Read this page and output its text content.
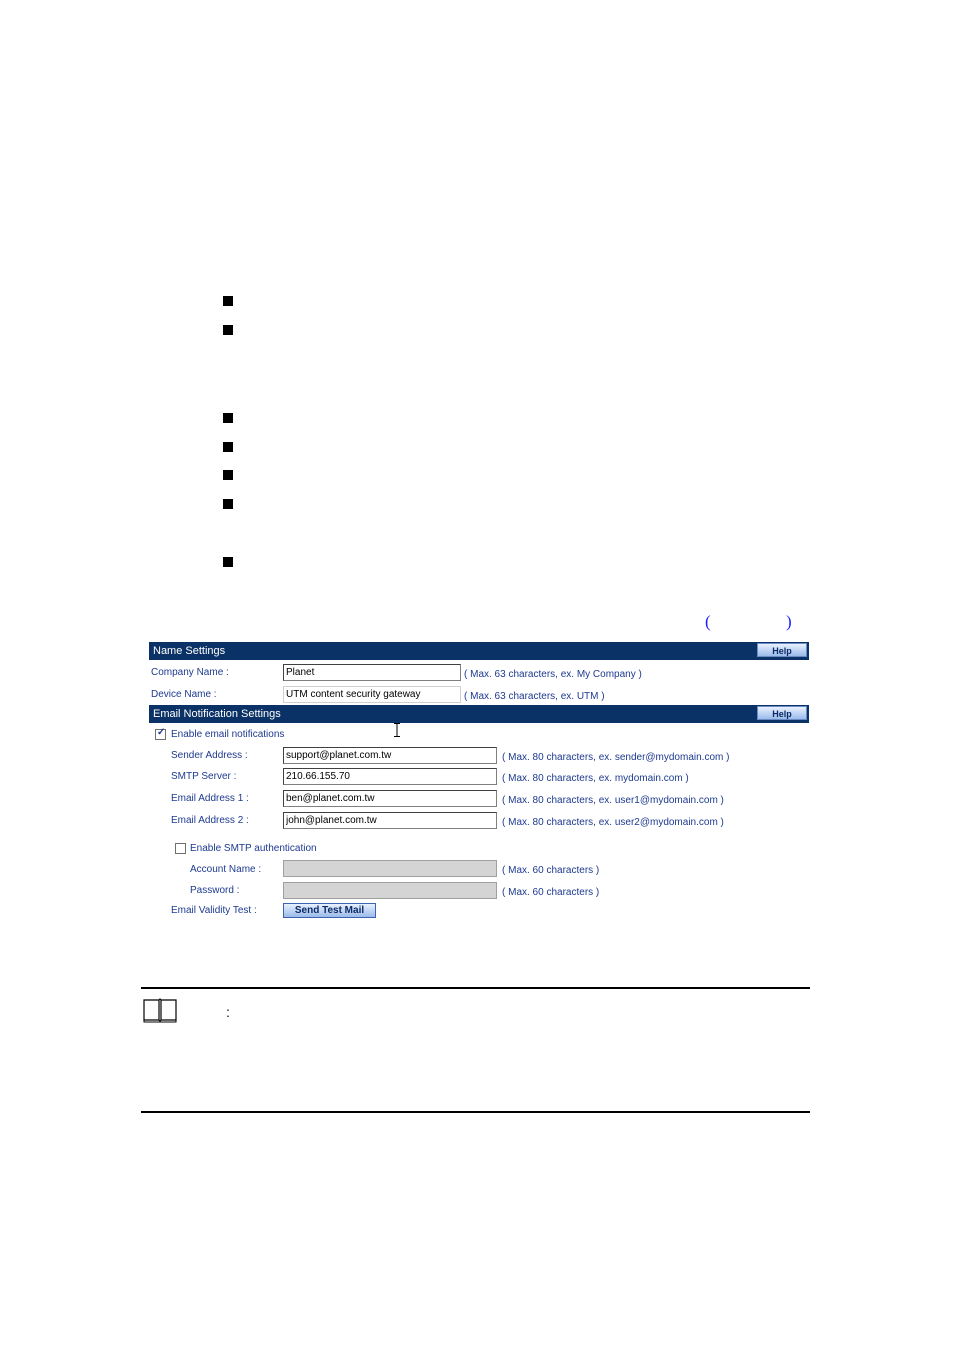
(	)
Name Settings	Help
Company Name :
Planet	( Max. 63 characters, ex. My Company )
Device Name :
UTM content security gateway	( Max. 63 characters, ex. UTM )
Email Notification Settings	Help
✓ Enable email notifications
Sender Address :
support@planet.com.tw	( Max. 80 characters, ex. sender@mydomain.com )
SMTP Server :
210.66.155.70	( Max. 80 characters, ex. mydomain.com )
Email Address 1 :
ben@planet.com.tw	( Max. 80 characters, ex. user1@mydomain.com )
Email Address 2 :
john@planet.com.tw	( Max. 80 characters, ex. user2@mydomain.com )
Enable SMTP authentication
Account Name :	( Max. 60 characters )
Password :	( Max. 60 characters )
Email Validity Test :	Send Test Mail
:
